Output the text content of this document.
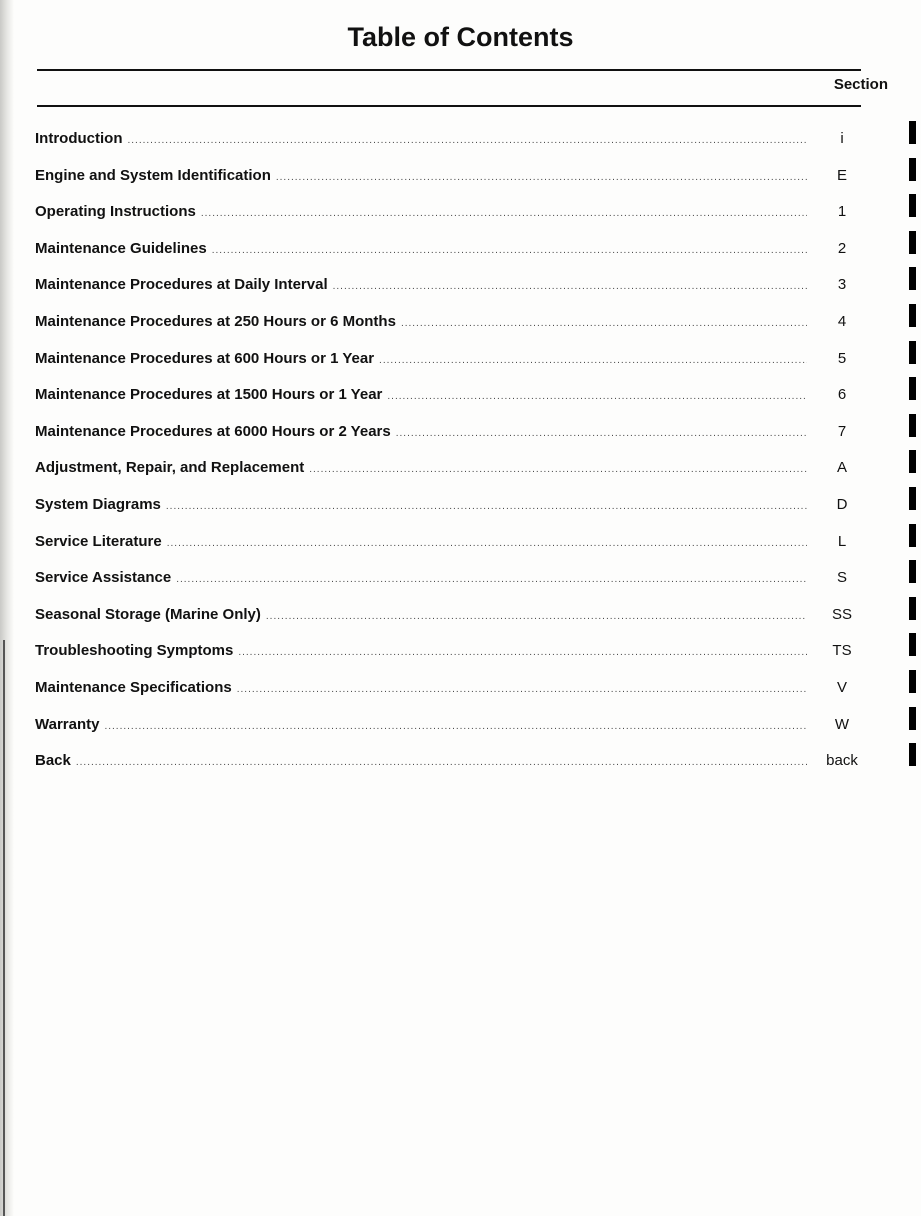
Table of Contents
Section
Introduction .....	i
Engine and System Identification .....	E
Operating Instructions .....	1
Maintenance Guidelines .....	2
Maintenance Procedures at Daily Interval .....	3
Maintenance Procedures at 250 Hours or 6 Months .....	4
Maintenance Procedures at 600 Hours or 1 Year .....	5
Maintenance Procedures at 1500 Hours or 1 Year .....	6
Maintenance Procedures at 6000 Hours or 2 Years .....	7
Adjustment, Repair, and Replacement .....	A
System Diagrams .....	D
Service Literature .....	L
Service Assistance .....	S
Seasonal Storage (Marine Only) .....	SS
Troubleshooting Symptoms .....	TS
Maintenance Specifications .....	V
Warranty .....	W
Back .....	back
